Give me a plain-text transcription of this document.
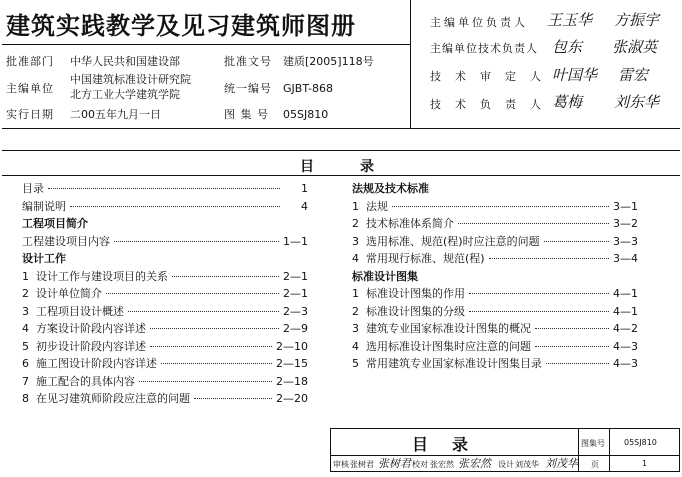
建筑实践教学及见习建筑师图册
批准部门 中华人民共和国建设部	批准文号 建质[2005]118号
主编单位
中国建筑标准设计研究院
北方工业大学建筑学院	统一编号 GJBT-868
实行日期 二00五年九月一日	图 集 号 05SJ810
主编单位负责人 王玉华 方振宇
主编单位技术负责人 包东 张淑英
技术审定人
叶国华 雷宏
技术负责人
葛梅 刘东华
目	录
目录	1
编制说明	4
工程项目简介
工程建设项目内容	1—1
设计工作
1 设计工作与建设项目的关系	2—1
2 设计单位简介	2—1
3 工程项目设计概述	2—3
4 方案设计阶段内容详述	2—9
5 初步设计阶段内容详述	2—10
6 施工图设计阶段内容详述	2—15
7 施工配合的具体内容	2—18
8 在见习建筑师阶段应注意的问题	2—20
法规及技术标准
1 法规	3—1
2 技术标准体系简介	3—2
3 选用标准、规范(程)时应注意的问题	3—3
4 常用现行标准、规范(程)	3—4
标准设计图集
1 标准设计图集的作用	4—1
2 标准设计图集的分级	4—1
3 建筑专业国家标准设计图集的概况	4—2
4 选用标准设计图集时应注意的问题	4—3
5 常用建筑专业国家标准设计图集目录	4—3
目录	图集号 05SJ810
审核 张树君 张树君 校对 张宏然 张宏然 设计 刘茂华 刘茂华 页	1
